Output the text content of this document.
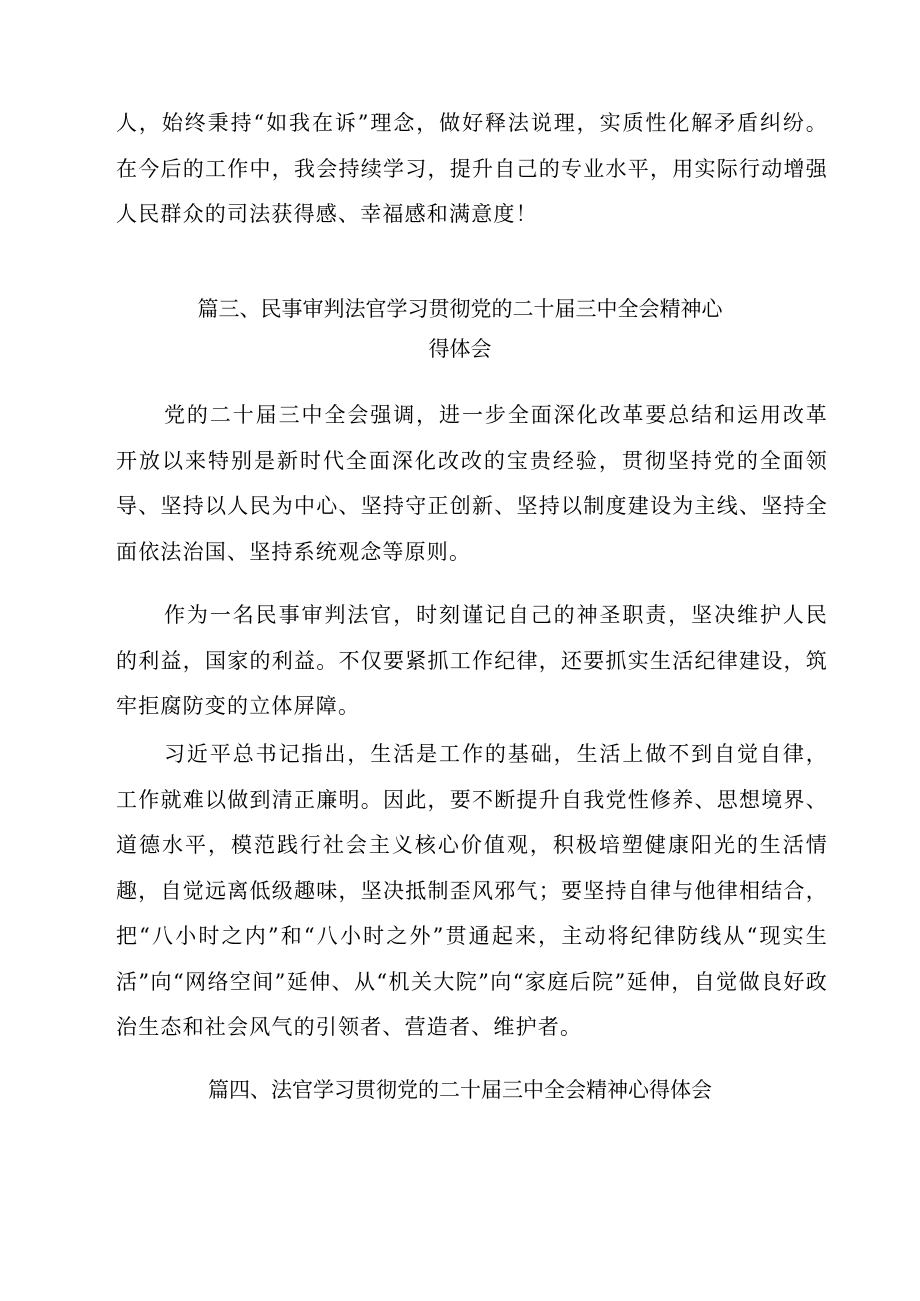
人，始终秉持“如我在诉”理念，做好释法说理，实质性化解矛盾纠纷。在今后的工作中，我会持续学习，提升自己的专业水平，用实际行动增强人民群众的司法获得感、幸福感和满意度！

篇三、民事审判法官学习贯彻党的二十届三中全会精神心
得体会

党的二十届三中全会强调，进一步全面深化改革要总结和运用改革开放以来特别是新时代全面深化改改的宝贵经验，贯彻坚持党的全面领导、坚持以人民为中心、坚持守正创新、坚持以制度建设为主线、坚持全面依法治国、坚持系统观念等原则。

作为一名民事审判法官，时刻谨记自己的神圣职责，坚决维护人民的利益，国家的利益。不仅要紧抓工作纪律，还要抓实生活纪律建设，筑牢拒腐防变的立体屏障。

习近平总书记指出，生活是工作的基础，生活上做不到自觉自律，工作就难以做到清正廉明。因此，要不断提升自我党性修养、思想境界、道德水平，模范践行社会主义核心价值观，积极培塑健康阳光的生活情趣，自觉远离低级趣味，坚决抵制歪风邪气；要坚持自律与他律相结合，把“八小时之内”和“八小时之外”贯通起来，主动将纪律防线从“现实生活”向“网络空间”延伸、从“机关大院”向“家庭后院”延伸，自觉做良好政治生态和社会风气的引领者、营造者、维护者。

篇四、法官学习贯彻党的二十届三中全会精神心得体会
